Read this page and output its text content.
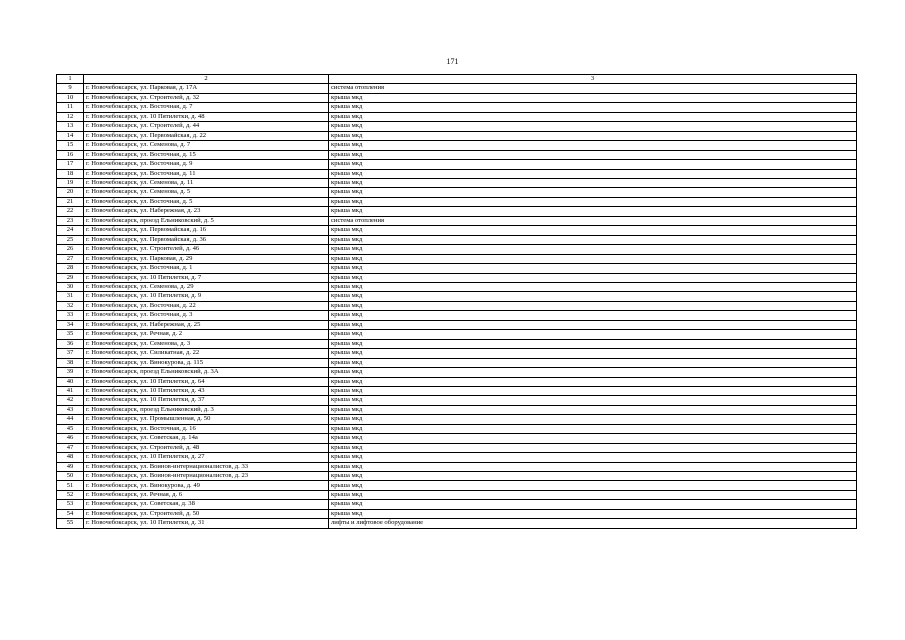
171
1	2	3
9	г. Новочебоксарск, ул. Парковая, д. 17А	система отопления
10	г. Новочебоксарск, ул. Строителей, д. 32	крыша мкд
11	г. Новочебоксарск, ул. Восточная, д. 7	крыша мкд
12	г. Новочебоксарск, ул. 10 Пятилетки, д. 48	крыша мкд
13	г. Новочебоксарск, ул. Строителей, д. 44	крыша мкд
14	г. Новочебоксарск, ул. Первомайская, д. 22	крыша мкд
15	г. Новочебоксарск, ул. Семенова, д. 7	крыша мкд
16	г. Новочебоксарск, ул. Восточная, д. 15	крыша мкд
17	г. Новочебоксарск, ул. Восточная, д. 9	крыша мкд
18	г. Новочебоксарск, ул. Восточная, д. 11	крыша мкд
19	г. Новочебоксарск, ул. Семенова, д. 11	крыша мкд
20	г. Новочебоксарск, ул. Семенова, д. 5	крыша мкд
21	г. Новочебоксарск, ул. Восточная, д. 5	крыша мкд
22	г. Новочебоксарск, ул. Набережная, д. 23	крыша мкд
23	г. Новочебоксарск, проезд Ельниковский, д. 5	система отопления
24	г. Новочебоксарск, ул. Первомайская, д. 16	крыша мкд
25	г. Новочебоксарск, ул. Первомайская, д. 36	крыша мкд
26	г. Новочебоксарск, ул. Строителей, д. 46	крыша мкд
27	г. Новочебоксарск, ул. Парковая, д. 29	крыша мкд
28	г. Новочебоксарск, ул. Восточная, д. 1	крыша мкд
29	г. Новочебоксарск, ул. 10 Пятилетки, д. 7	крыша мкд
30	г. Новочебоксарск, ул. Семенова, д. 29	крыша мкд
31	г. Новочебоксарск, ул. 10 Пятилетки, д. 9	крыша мкд
32	г. Новочебоксарск, ул. Восточная, д. 22	крыша мкд
33	г. Новочебоксарск, ул. Восточная, д. 3	крыша мкд
34	г. Новочебоксарск, ул. Набережная, д. 25	крыша мкд
35	г. Новочебоксарск, ул. Речная, д. 2	крыша мкд
36	г. Новочебоксарск, ул. Семенова, д. 3	крыша мкд
37	г. Новочебоксарск, ул. Силикатная, д. 22	крыша мкд
38	г. Новочебоксарск, ул. Винокурова, д. 115	крыша мкд
39	г. Новочебоксарск, проезд Ельниковский, д. 3А	крыша мкд
40	г. Новочебоксарск, ул. 10 Пятилетки, д. 64	крыша мкд
41	г. Новочебоксарск, ул. 10 Пятилетки, д. 43	крыша мкд
42	г. Новочебоксарск, ул. 10 Пятилетки, д. 37	крыша мкд
43	г. Новочебоксарск, проезд Ельниковский, д. 3	крыша мкд
44	г. Новочебоксарск, ул. Промышленная, д. 50	крыша мкд
45	г. Новочебоксарск, ул. Восточная, д. 16	крыша мкд
46	г. Новочебоксарск, ул. Советская, д. 14а	крыша мкд
47	г. Новочебоксарск, ул. Строителей, д. 48	крыша мкд
48	г. Новочебоксарск, ул. 10 Пятилетки, д. 27	крыша мкд
49	г. Новочебоксарск, ул. Воинов-интернационалистов, д. 33	крыша мкд
50	г. Новочебоксарск, ул. Воинов-интернационалистов, д. 23	крыша мкд
51	г. Новочебоксарск, ул. Винокурова, д. 49	крыша мкд
52	г. Новочебоксарск, ул. Речная, д. 6	крыша мкд
53	г. Новочебоксарск, ул. Советская, д. 38	крыша мкд
54	г. Новочебоксарск, ул. Строителей, д. 50	крыша мкд
55	г. Новочебоксарск, ул. 10 Пятилетки, д. 31	лифты и лифтовое оборудование
